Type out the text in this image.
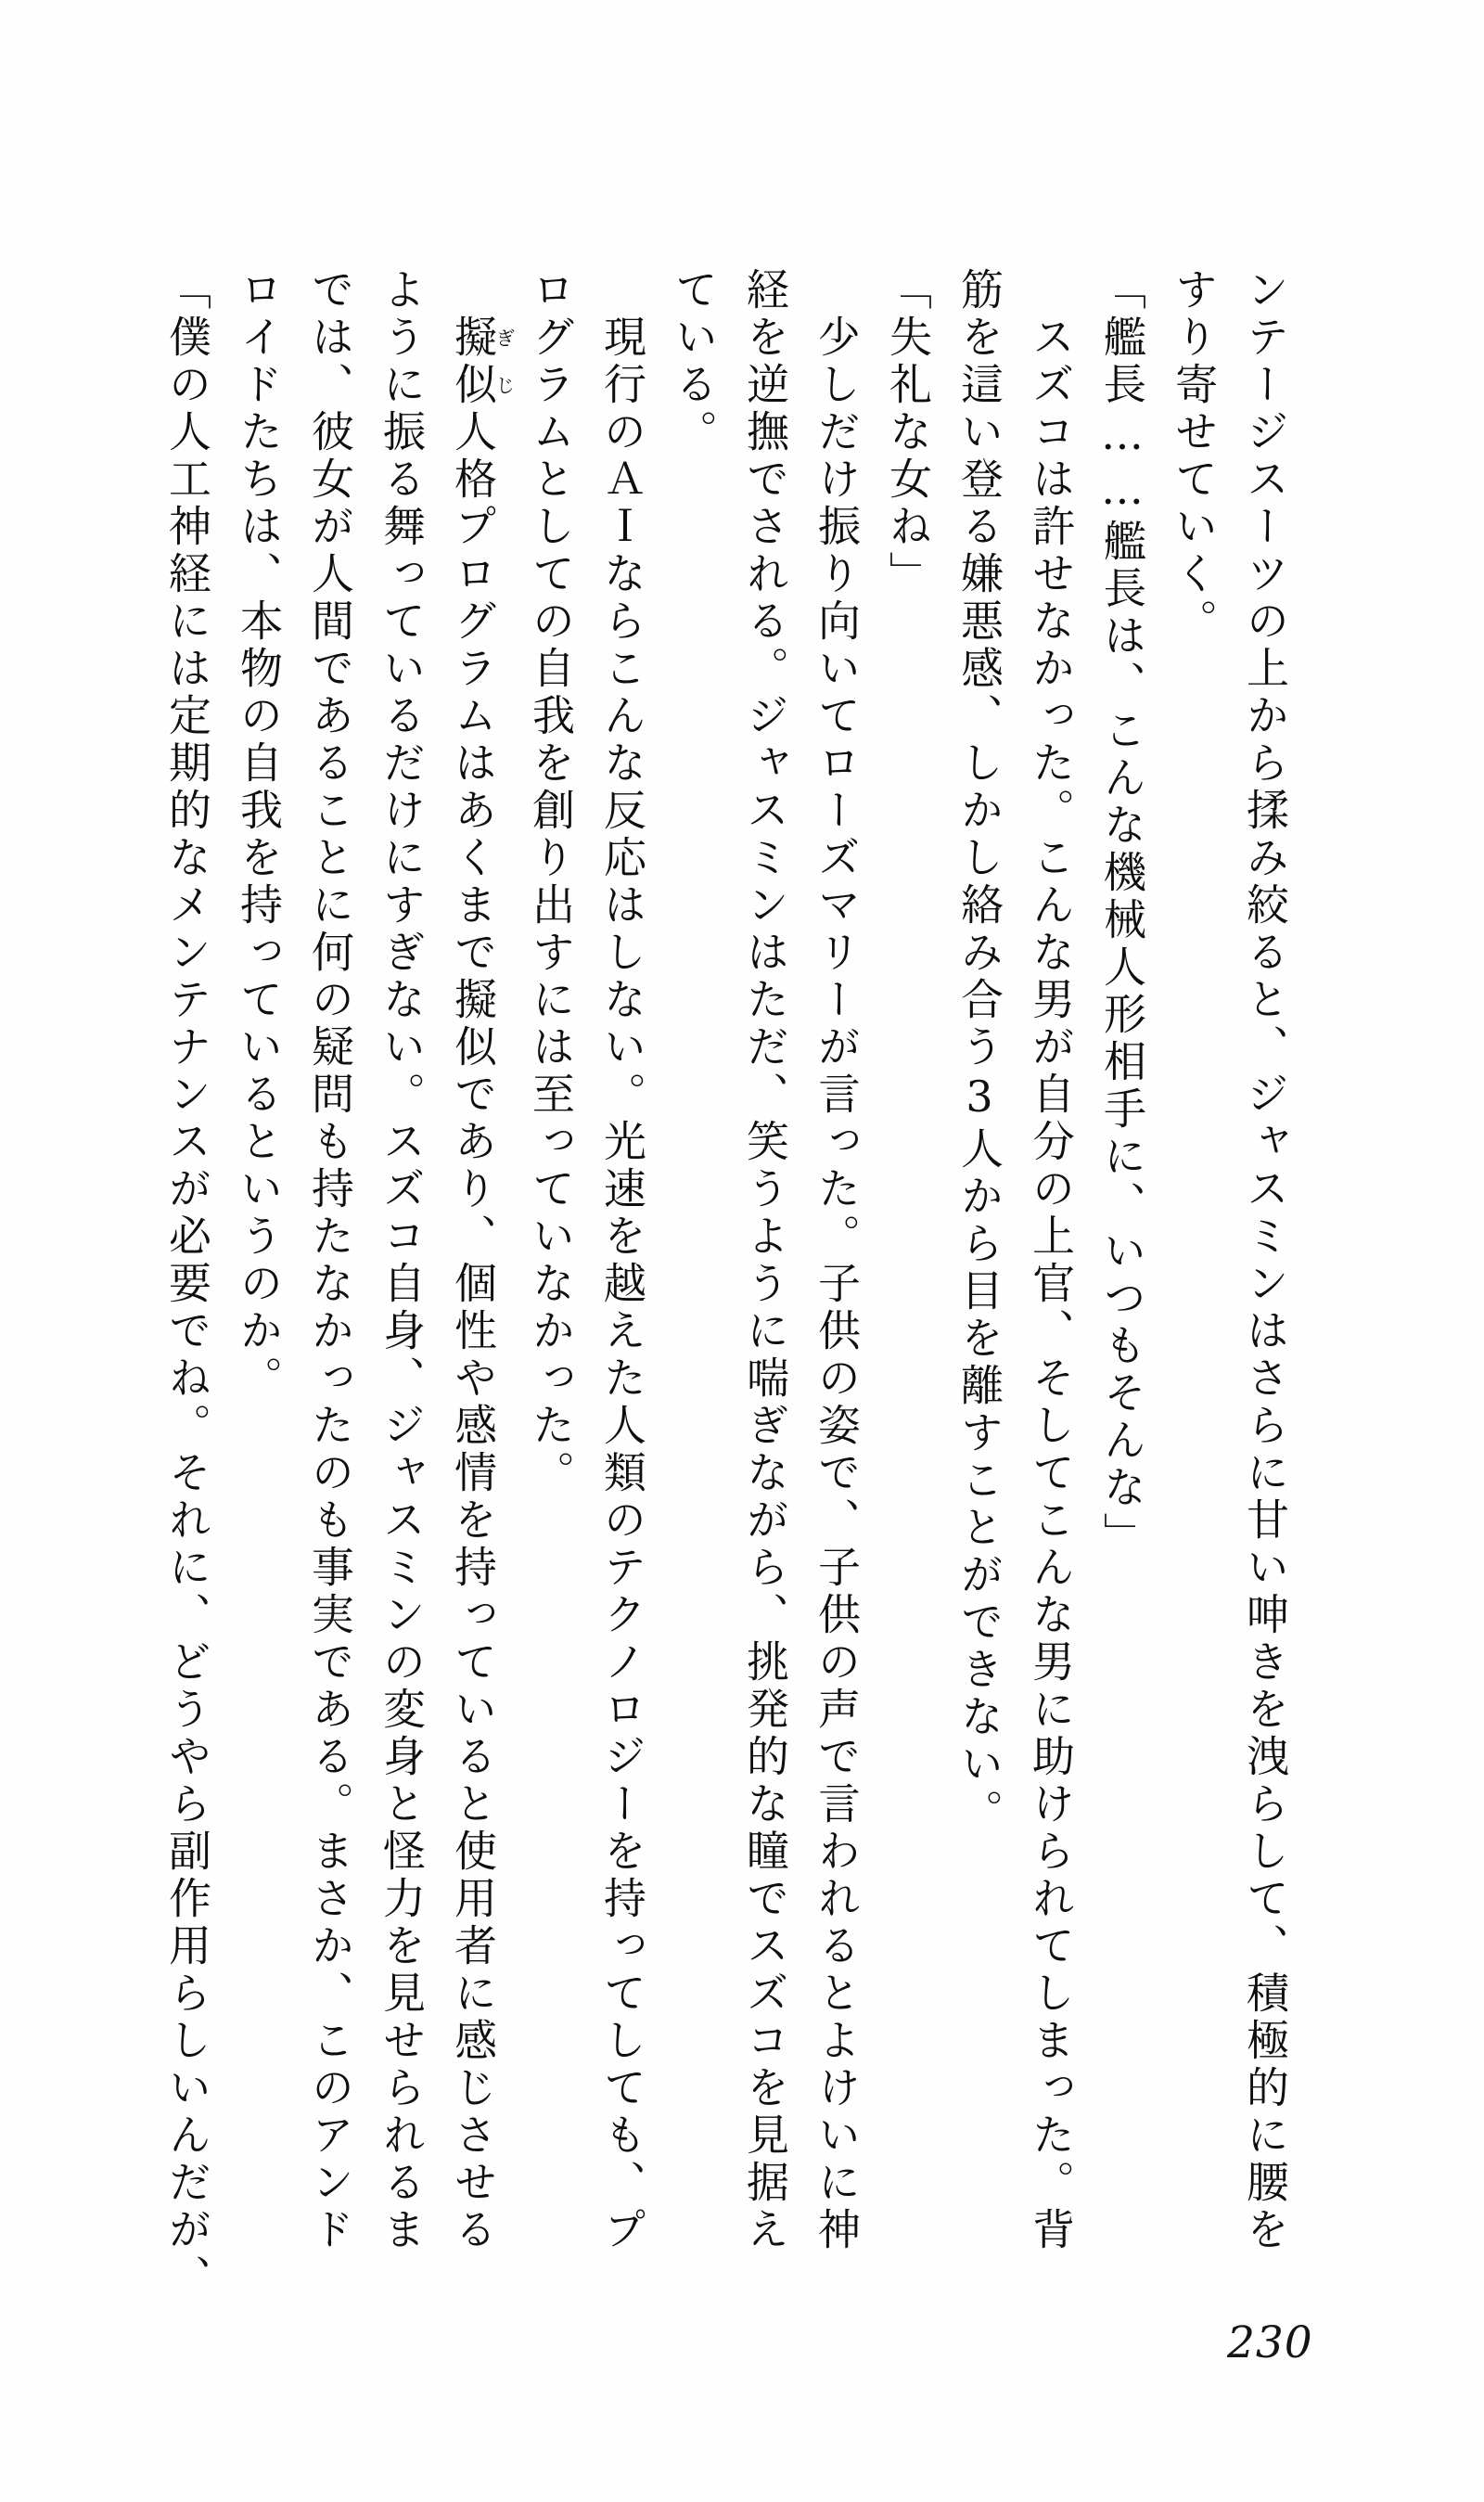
ンテージスーツの上から揉み絞ると、ジャスミンはさらに甘い呻きを洩らして、積極的に腰を
すり寄せていく。
「艦長……艦長は、こんな機械人形相手に、いつもそんな」
スズコは許せなかった。こんな男が自分の上官、そしてこんな男に助けられてしまった。背
筋を這い登る嫌悪感、しかし絡み合う3人から目を離すことができない。
「失礼な女ね」
少しだけ振り向いてローズマリーが言った。子供の姿で、子供の声で言われるとよけいに神
経を逆撫でされる。ジャスミンはただ、笑うように喘ぎながら、挑発的な瞳でスズコを見据え
ている。
現行のＡＩならこんな反応はしない。光速を越えた人類のテクノロジーを持ってしても、プ
ログラムとしての自我を創り出すには至っていなかった。
擬ぎ似じ人格プログラムはあくまで擬似であり、個性や感情を持っていると使用者に感じさせる
ように振る舞っているだけにすぎない。スズコ自身、ジャスミンの変身と怪力を見せられるま
では、彼女が人間であることに何の疑問も持たなかったのも事実である。まさか、このアンド
ロイドたちは、本物の自我を持っているというのか。
「僕の人工神経には定期的なメンテナンスが必要でね。それに、どうやら副作用らしいんだが、
230
